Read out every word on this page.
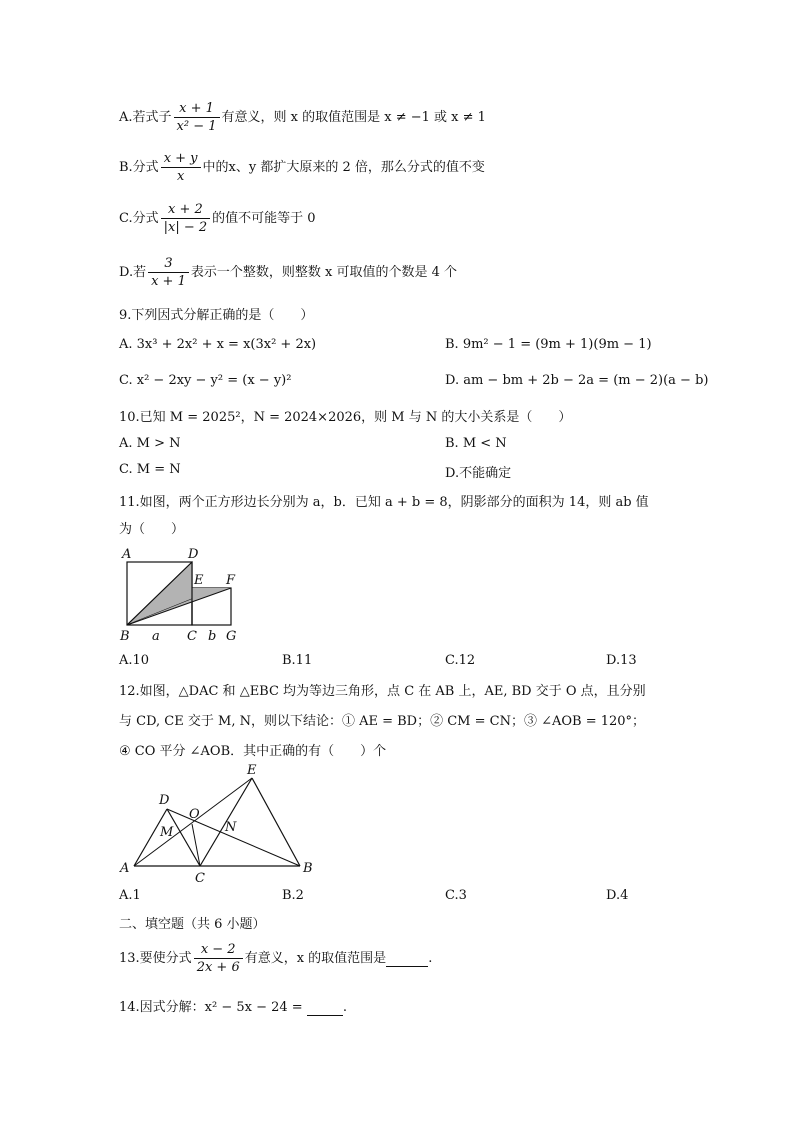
A.若式子 $\frac{x + 1}{\text{x² − 1}}$ 有意义，则 x 的取值范围是 x ≠ −1 或 x ≠ 1
B.分式 $\frac{x + y}{x}$ 中的x、y 都扩大原来的 2 倍，那么分式的值不变
C.分式 $\frac{x + 2}{|x| - 2}$ 的值不可能等于 0
D.若 $\frac{3}{x + 1}$ 表示一个整数，则整数 x 可取值的个数是 4 个
9.下列因式分解正确的是（　　）
A. 3x³ + 2x² + x = x(3x² + 2x)	B. 9m² − 1 = (9m + 1)(9m − 1)
C. x² − 2xy − y² = (x − y)²	D. am − bm + 2b − 2a = (m − 2)(a − b)
10.已知 M = 2025²，N = 2024×2026，则 M 与 N 的大小关系是（　　）
A. M > N	B. M < N
C. M = N	D.不能确定
11.如图，两个正方形边长分别为 a，b．已知 a + b = 8，阴影部分的面积为 14，则 ab 值
为（　　）
A	D
E F
B a C b G
A.10	B.11	C.12	D.13
12.如图，△DAC 和 △EBC 均为等边三角形，点 C 在 AB 上，AE, BD 交于 O 点，且分别
与 CD, CE 交于 M, N，则以下结论：① AE = BD；② CM = CN；③ ∠AOB = 120°；
④ CO 平分 ∠AOB．其中正确的有（　　）个
D
O
E
M	N
A
C
B
A.1	B.2	C.3	D.4
二、填空题（共 6 小题）
13.要使分式 $\frac{x - 2}{2x + 6}$ 有意义，x 的取值范围是	.
14.因式分解：x² − 5x − 24 =	.
